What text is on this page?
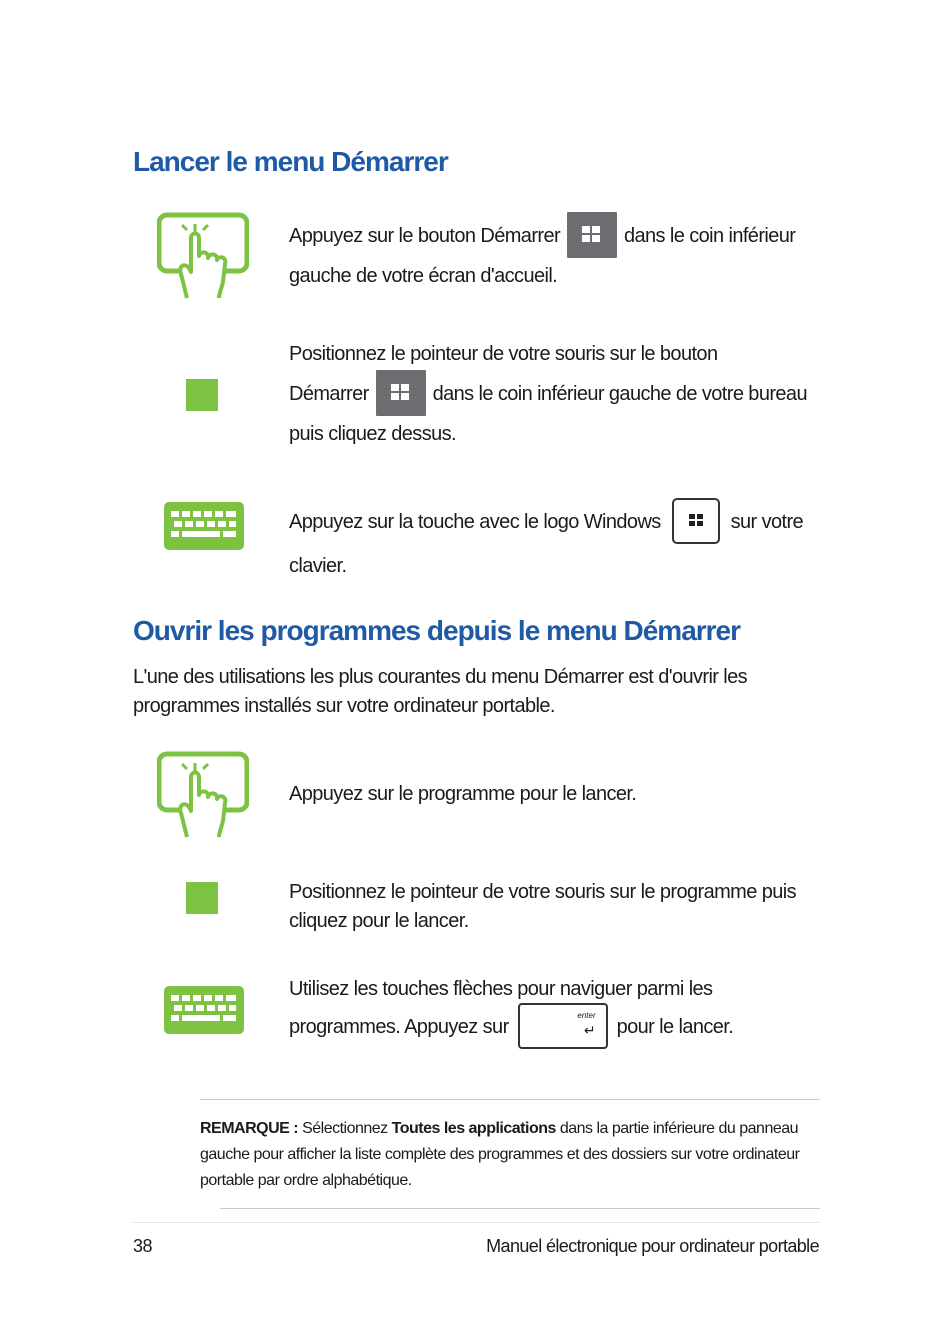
Lancer le menu Démarrer

Appuyez sur le bouton Démarrer	dans le coin inférieur gauche de votre écran d'accueil.

Positionnez le pointeur de votre souris sur le bouton
Démarrer	dans le coin inférieur gauche de votre bureau puis cliquez dessus.

Appuyez sur la touche avec le logo Windows	sur votre clavier.

Ouvrir les programmes depuis le menu Démarrer

L'une des utilisations les plus courantes du menu Démarrer est d'ouvrir les programmes installés sur votre ordinateur portable.

Appuyez sur le programme pour le lancer.

Positionnez le pointeur de votre souris sur le programme puis cliquez pour le lancer.

Utilisez les touches flèches pour naviguer parmi les
programmes. Appuyez sur
enter
↵ pour le lancer.

REMARQUE : Sélectionnez Toutes les applications dans la partie inférieure du panneau gauche pour afficher la liste complète des programmes et des dossiers sur votre ordinateur portable par ordre alphabétique.

38	Manuel électronique pour ordinateur portable
